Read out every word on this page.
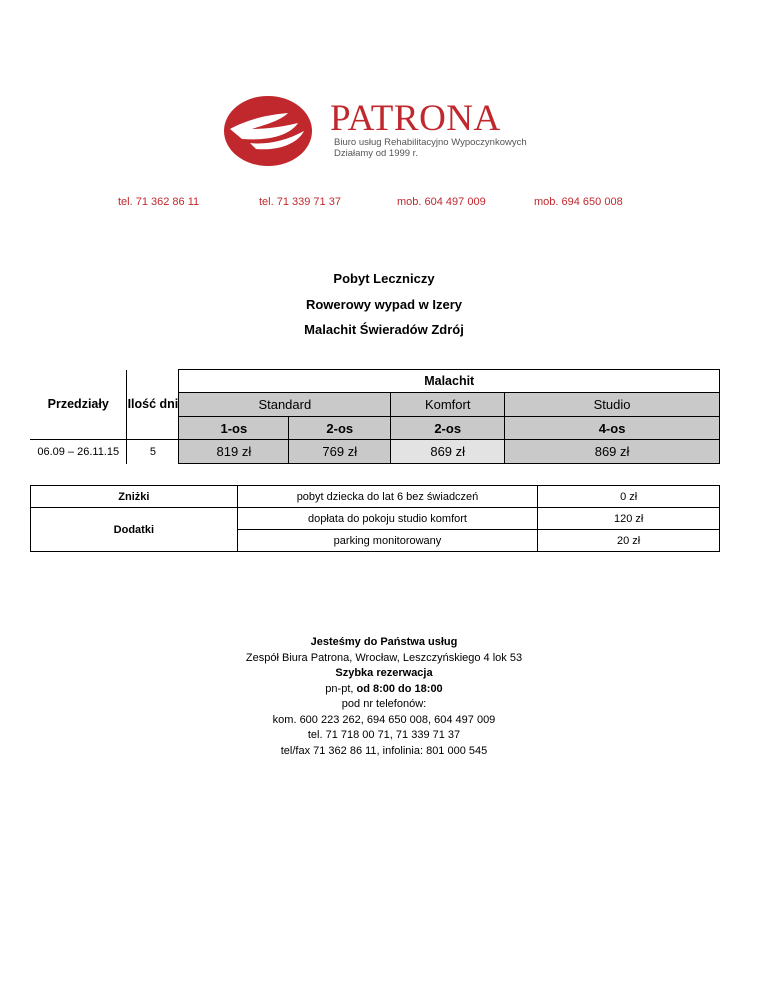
PATRONA
Biuro usług Rehabilitacyjno Wypoczynkowych
Działamy od 1999 r.
tel. 71 362 86 11	tel. 71 339 71 37	mob. 604 497 009	mob. 694 650 008
Pobyt Leczniczy
Rowerowy wypad w Izery
Malachit Świeradów Zdrój
Przedziały	Ilość dni	Malachit			
		Standard		Komfort	Studio
		1-os	2-os	2-os	4-os
06.09 – 26.11.15	5	819 zł	769 zł	869 zł	869 zł
Zniżki	pobyt dziecka do lat 6 bez świadczeń	0 zł
Dodatki	dopłata do pokoju studio komfort	120 zł
	parking monitorowany	20 zł
Jesteśmy do Państwa usług
Zespół Biura Patrona, Wrocław, Leszczyńskiego 4 lok 53
Szybka rezerwacja
pn-pt, od 8:00 do 18:00
pod nr telefonów:
kom. 600 223 262, 694 650 008, 604 497 009
tel. 71 718 00 71, 71 339 71 37
tel/fax 71 362 86 11, infolinia: 801 000 545
